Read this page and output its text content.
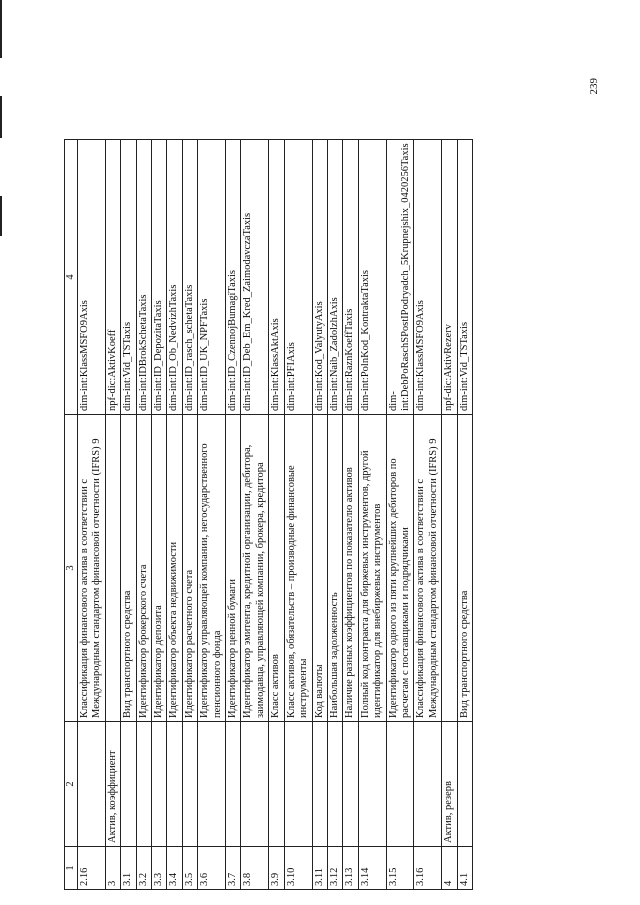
239
1	2	3	4
2.16		Классификация финансового актива в соответствии с Международным стандартом финансовой отчетности (IFRS) 9	dim-int:KlassMSFO9Axis
3	Актив, коэффициент		npf-dic:AktivKoeff
3.1		Вид транспортного средства	dim-int:Vid_TSTaxis
3.2		Идентификатор брокерского счета	dim-int:IDBrokSchetaTaxis
3.3		Идентификатор депозита	dim-int:ID_DepozitaTaxis
3.4		Идентификатор объекта недвижимости	dim-int:ID_Ob_NedvizhTaxis
3.5		Идентификатор расчетного счета	dim-int:ID_rasch_schetaTaxis
3.6		Идентификатор управляющей компании, негосударственного пенсионного фонда	dim-int:ID_UK_NPFTaxis
3.7		Идентификатор ценной бумаги	dim-int:ID_CzennojBumagiTaxis
3.8		Идентификатор эмитента, кредитной организации, дебитора, заимодавца, управляющей компании, брокера, кредитора	dim-int:ID_Deb_Em_Kred_ZaimodavczaTaxis
3.9		Класс активов	dim-int:KlassAktAxis
3.10		Класс активов, обязательств – производные финансовые инструменты	dim-int:PFIAxis
3.11		Код валюты	dim-int:Kod_ValyutyAxis
3.12		Наибольшая задолженность	dim-int:Naib_ZadolzhAxis
3.13		Наличие разных коэффициентов по показателю активов	dim-int:RaznKoeffTaxis
3.14		Полный код контракта для биржевых инструментов, другой идентификатор для внебиржевых инструментов	dim-int:PolnKod_KontraktaTaxis
3.15		Идентификатор одного из пяти крупнейших дебиторов по расчетам с поставщиками и подрядчиками	dim-int:DebPoRaschSPostIPodryadch_5Krupnejshix_0420256Taxis
3.16		Классификация финансового актива в соответствии с Международным стандартом финансовой отчетности (IFRS) 9	dim-int:KlassMSFO9Axis
4	Актив, резерв		npf-dic:AktivRezerv
4.1		Вид транспортного средства	dim-int:Vid_TSTaxis
